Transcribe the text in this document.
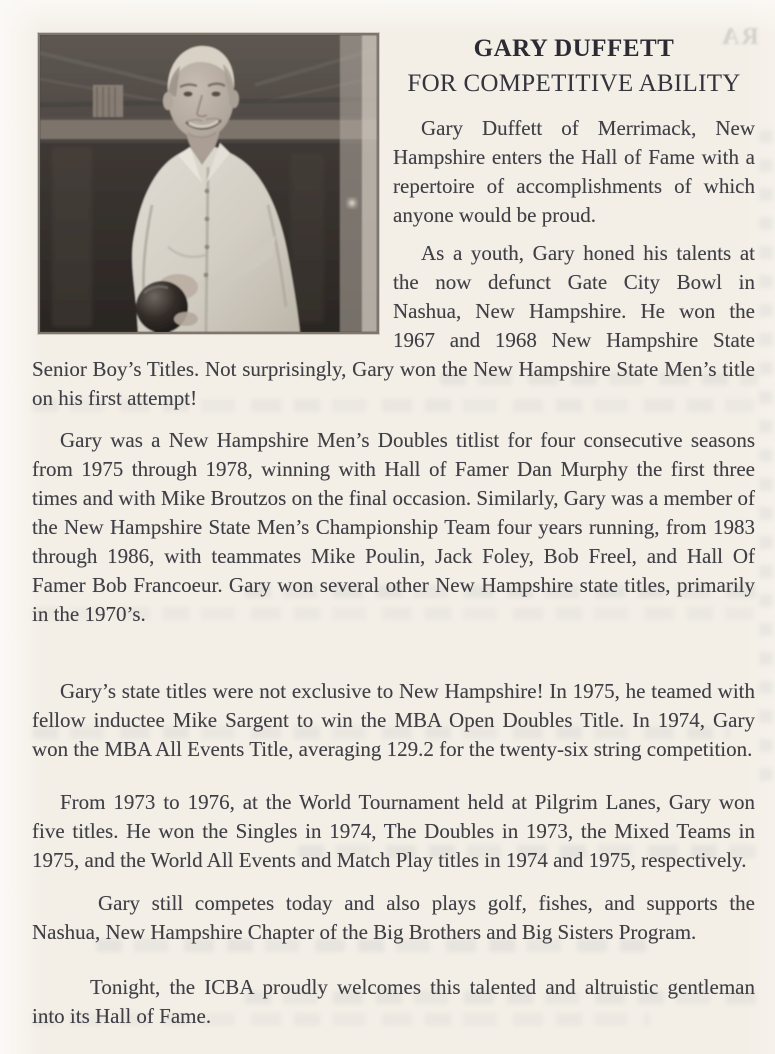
RA
GARY DUFFETT
FOR COMPETITIVE ABILITY

Gary Duffett of Merrimack, New Hampshire enters the Hall of Fame with a repertoire of accomplishments of which anyone would be proud.

As a youth, Gary honed his talents at the now defunct Gate City Bowl in Nashua, New Hampshire. He won the 1967 and 1968 New Hampshire State Senior Boy’s Titles. Not surprisingly, Gary won the New Hampshire State Men’s title on his first attempt!

Gary was a New Hampshire Men’s Doubles titlist for four consecutive seasons from 1975 through 1978, winning with Hall of Famer Dan Murphy the first three times and with Mike Broutzos on the final occasion. Similarly, Gary was a member of the New Hampshire State Men’s Championship Team four years running, from 1983 through 1986, with teammates Mike Poulin, Jack Foley, Bob Freel, and Hall Of Famer Bob Francoeur. Gary won several other New Hampshire state titles, primarily in the 1970’s.

Gary’s state titles were not exclusive to New Hampshire! In 1975, he teamed with fellow inductee Mike Sargent to win the MBA Open Doubles Title. In 1974, Gary won the MBA All Events Title, averaging 129.2 for the twenty-six string competition.

From 1973 to 1976, at the World Tournament held at Pilgrim Lanes, Gary won five titles. He won the Singles in 1974, The Doubles in 1973, the Mixed Teams in 1975, and the World All Events and Match Play titles in 1974 and 1975, respectively.

Gary still competes today and also plays golf, fishes, and supports the Nashua, New Hampshire Chapter of the Big Brothers and Big Sisters Program.

Tonight, the ICBA proudly welcomes this talented and altruistic gentleman into its Hall of Fame.
